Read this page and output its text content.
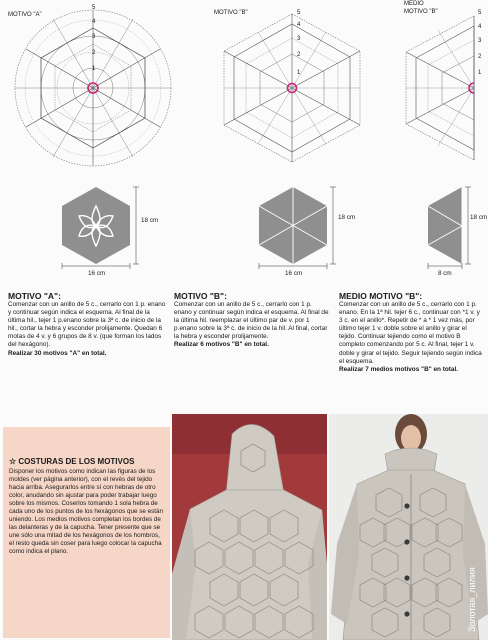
MOTIVO "A"	MOTIVO "B"
MEDIO
MOTIVO "B"
5
4
3
2
1
5
4
3
2
1
5
4
3
2
1
16 cm
18 cm
16 cm
18 cm
8 cm
18 cm
MOTIVO "A":
Comenzar con un anillo de 5 c., cerrarlo con 1 p. enano y continuar según indica el esquema. Al final de la última hil., tejer 1 p.enano sobre la 3ª c. de inicio de la hil., cortar la hebra y esconder prolijamente. Quedan 6 motas de 4 v. y 6 grupos de 8 v. (que forman los lados del hexágono).
Realizar 30 motivos "A" en total.
MOTIVO "B":
Comenzar con un anillo de 5 c., cerrarlo con 1 p. enano y continuar según indica el esquema. Al final de la última hil. reemplazar el último par de v. por 1 p.enano sobre la 3ª c. de inicio de la hil. Al final, cortar la hebra y esconder prolijamente.
Realizar 6 motivos "B" en total.
MEDIO MOTIVO "B":
Comenzar con un anillo de 5 c., cerrarlo con 1 p. enano. En la 1ª hil. tejer 6 c., continuar con *1 v. y 3 c. en el anillo*. Repetir de * a * 1 vez más, por último tejer 1 v. doble sobre el anillo y girar el tejido. Continuar tejiendo como el motivo B completo comenzando por 5 c. Al final, tejer 1 v. doble y girar el tejido. Seguir tejiendo según indica el esquema.
Realizar 7 medios motivos "B" en total.
☆ COSTURAS DE LOS MOTIVOS
Disponer los motivos como indican las figuras de los moldes (ver página anterior), con el revés del tejido hacia arriba. Asegurarlos entre sí con hebras de otro color, anudando sin ajustar para poder trabajar luego sobre los mismos. Coserlos tomando 1 sola hebra de cada uno de los puntos de los hexágonos que se están uniendo. Los medios motivos completan los bordes de las delanteras y de la capucha. Tener presente que se une sólo una mitad de los hexágonos de los hombros, el resto queda sin coser para luego colocar la capucha como indica el plano.
Золотая_лилия
